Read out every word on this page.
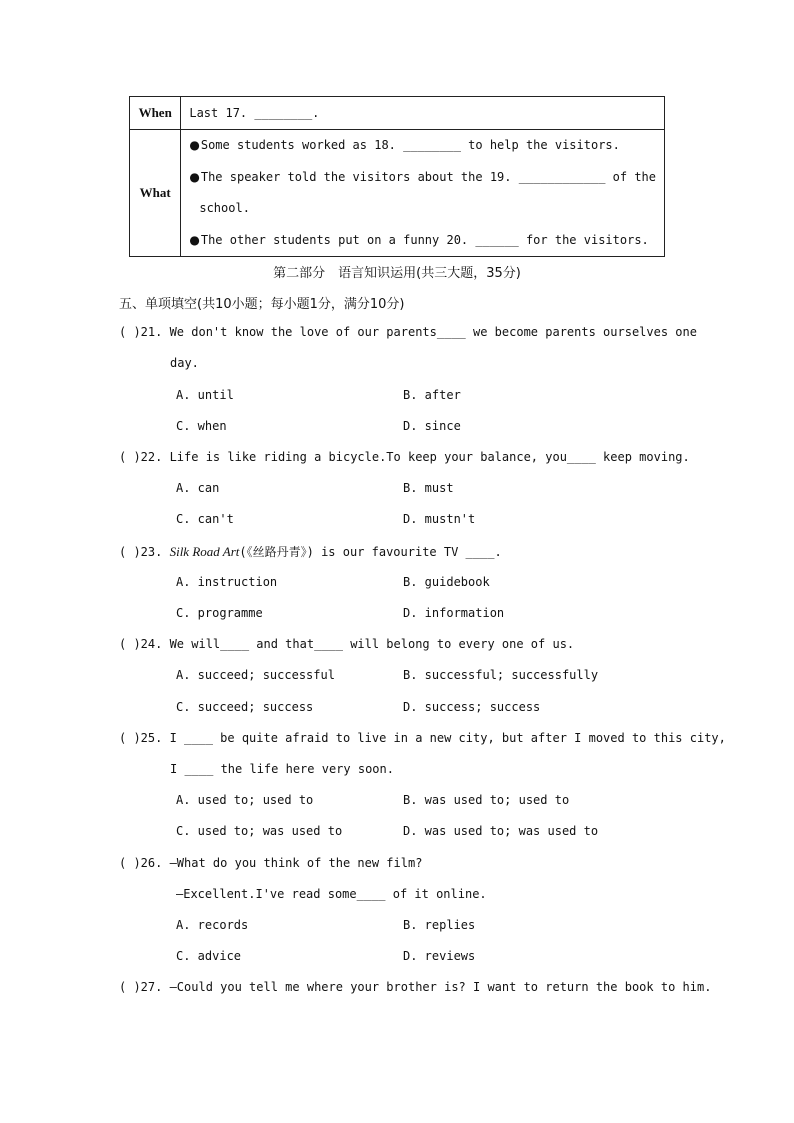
When	Last 17. ________.
What	●Some students worked as 18. ________ to help the visitors.
●The speaker told the visitors about the 19. ____________ of the
school.
●The other students put on a funny 20. ______ for the visitors.
第二部分　语言知识运用(共三大题，35分)
五、单项填空(共10小题；每小题1分，满分10分)
( )21. We don't know the love of our parents____ we become parents ourselves one
day.
A. until	B. after
C. when	D. since
( )22. Life is like riding a bicycle.To keep your balance, you____ keep moving.
A. can	B. must
C. can't	D. mustn't
( )23. Silk Road Art(《丝路丹青》) is our favourite TV ____.
A. instruction	B. guidebook
C. programme	D. information
( )24. We will____ and that____ will belong to every one of us.
A. succeed; successful	B. successful; successfully
C. succeed; success	D. success; success
( )25. I ____ be quite afraid to live in a new city, but after I moved to this city,
I ____ the life here very soon.
A. used to; used to	B. was used to; used to
C. used to; was used to	D. was used to; was used to
( )26. —What do you think of the new film?
—Excellent.I've read some____ of it online.
A. records	B. replies
C. advice	D. reviews
( )27. —Could you tell me where your brother is? I want to return the book to him.
